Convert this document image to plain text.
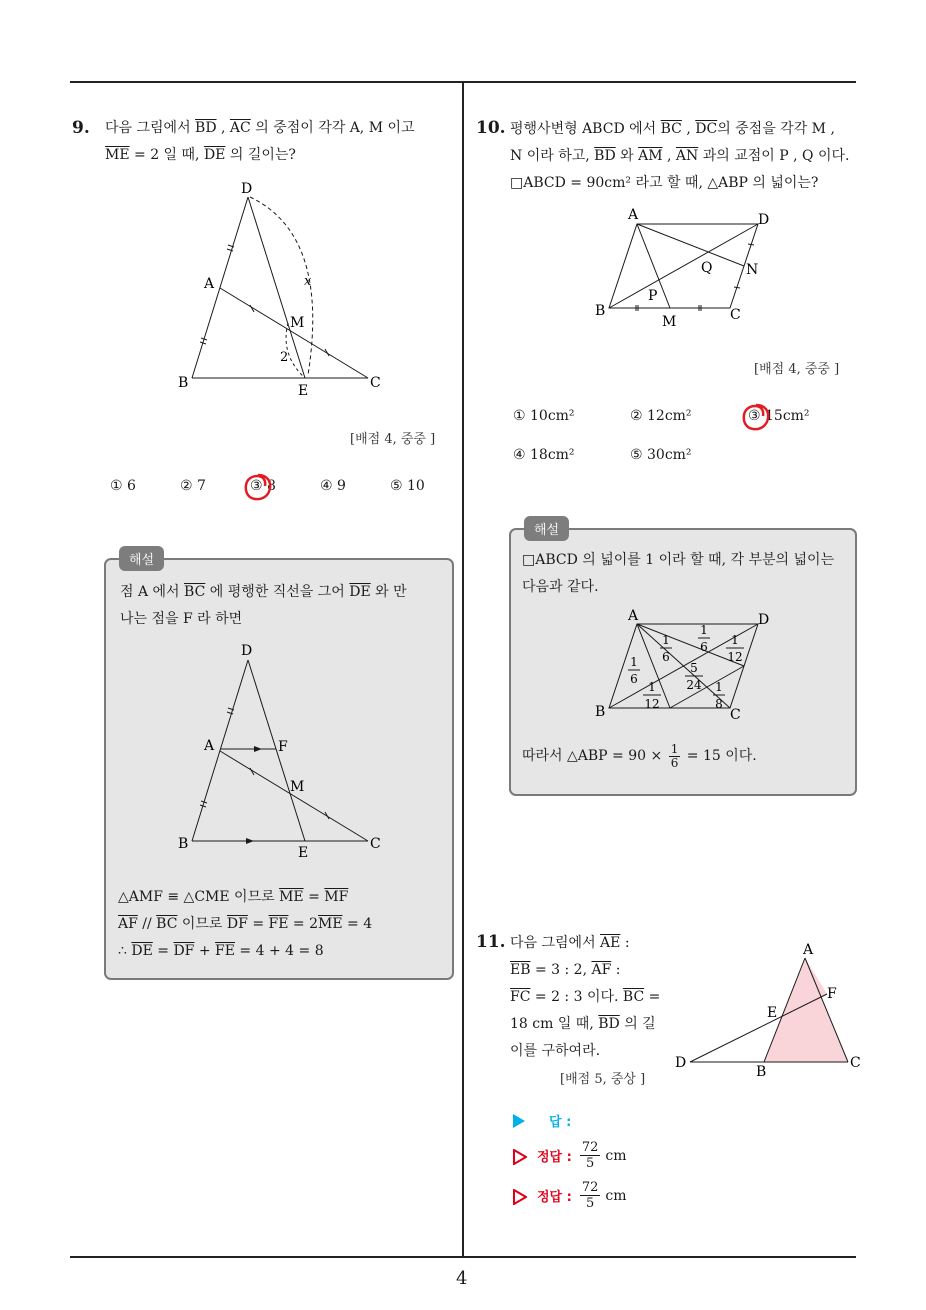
9. 다음 그림에서 $\overline{BD}$ , $\overline{AC}$ 의 중점이 각각 A, M 이고
$\overline{ME} = 2$ 일 때, $\overline{DE}$ 의 길이는?
D
A
M
B	E	C
x
2
[배점 4, 중중 ]
① 6	② 7	③ 8	④ 9	⑤ 10
해설
점 A 에서 $\overline{BC}$ 에 평행한 직선을 그어 $\overline{DE}$ 와 만
나는 점을 F 라 하면
D
A	F
M
B
E
C
△AMF ≡ △CME 이므로 $\overline{ME} = \overline{MF}$
$\overline{AF} // \overline{BC}$ 이므로 $\overline{DF} = \overline{FE} = 2\overline{ME} = 4$
∴ $\overline{DE} = \overline{DF} + \overline{FE} = 4 + 4 = 8$
10. 평행사변형 ABCD 에서 $\overline{BC}$ , $\overline{DC}$의 중점을 각각 M ,
N 이라 하고, $\overline{BD}$ 와 $\overline{AM}$ , $\overline{AN}$ 과의 교점이 P , Q 이다.
□ABCD = 90cm² 라고 할 때, △ABP 의 넓이는?
A	D
Q N
P
B
M	C
[배점 4, 중중 ]
① 10cm²	② 12cm²	③ 15cm²
④ 18cm²	⑤ 30cm²
해설
□ABCD 의 넓이를 1 이라 할 때, 각 부분의 넓이는
다음과 같다.
A	D
B	C
1
6
1
6 1
12
1
6
5
24
1
12
1
8
따라서 △ABP = $90 \times \frac{1}{6} = 15$ 이다.
11. 다음 그림에서 $\overline{AE}$ :
$\overline{EB} = 3$ : 2, $\overline{AF}$ :
$\overline{FC} = 2$ : 3 이다. $\overline{BC}$ =
18 cm 일 때, $\overline{BD}$ 의 길
이를 구하여라.
[배점 5, 중상 ]
A
F
E
D
B
C
답 :
정답 : $\frac{72}{5}$ cm
정답 : $\frac{72}{5}$ cm
4
